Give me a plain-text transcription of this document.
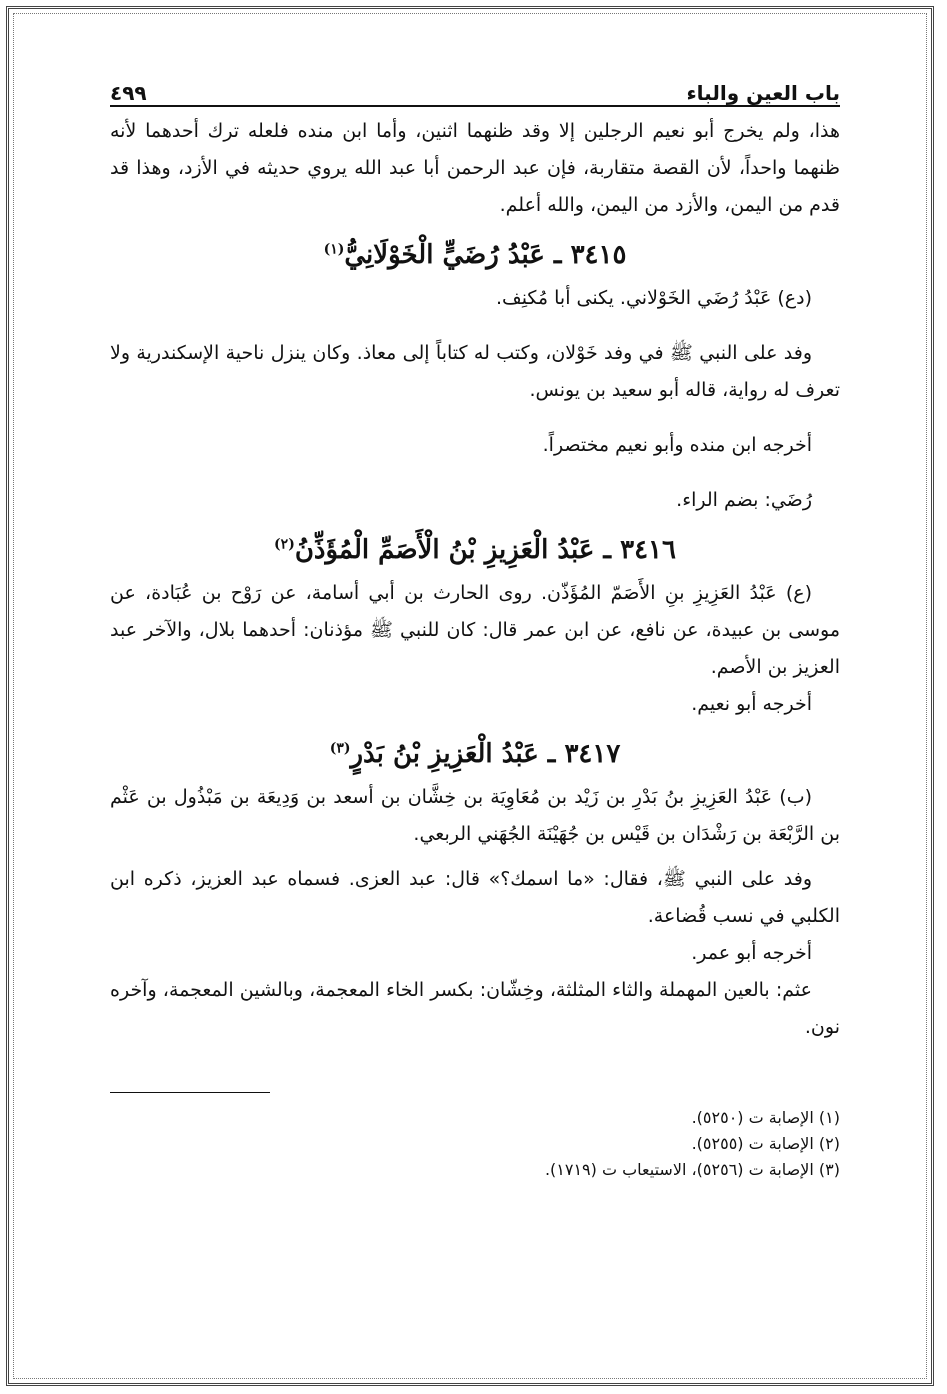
باب العين والباء
٤٩٩

هذا، ولم يخرج أبو نعيم الرجلين إلا وقد ظنهما اثنين، وأما ابن منده فلعله ترك أحدهما لأنه ظنهما واحداً، لأن القصة متقاربة، فإن عبد الرحمن أبا عبد الله يروي حديثه في الأزد، وهذا قد قدم من اليمن، والأزد من اليمن، والله أعلم.

٣٤١٥ ـ عَبْدُ رُضَيٍّ الْخَوْلَانِيُّ$^{(١)}$

(دع) عَبْدُ رُضَي الخَوْلاني. يكنى أبا مُكنِف.

وفد على النبي ﷺ في وفد خَوْلان، وكتب له كتاباً إلى معاذ. وكان ينزل ناحية الإسكندرية ولا تعرف له رواية، قاله أبو سعيد بن يونس.

أخرجه ابن منده وأبو نعيم مختصراً.

رُضَي: بضم الراء.

٣٤١٦ ـ عَبْدُ الْعَزِيزِ بْنُ الْأَصَمِّ الْمُؤَذِّنُ$^{(٢)}$

(ع) عَبْدُ العَزِيزِ بنِ الأَصَمّ المُؤَذّن. روى الحارث بن أبي أسامة، عن رَوْح بن عُبَادة، عن موسى بن عبيدة، عن نافع، عن ابن عمر قال: كان للنبي ﷺ مؤذنان: أحدهما بلال، والآخر عبد العزيز بن الأصم.

أخرجه أبو نعيم.

٣٤١٧ ـ عَبْدُ الْعَزِيزِ بْنُ بَدْرٍ$^{(٣)}$

(ب) عَبْدُ العَزِيزِ بنُ بَدْرِ بن زَيْد بن مُعَاوِيَة بن خِشَّان بن أسعد بن وَدِيعَة بن مَبْذُول بن عَثْم بن الرَّبْعَة بن رَشْدَان بن قَيْس بن جُهَيْنَة الجُهَني الربعي.

وفد على النبي ﷺ، فقال: «ما اسمك؟» قال: عبد العزى. فسماه عبد العزيز، ذكره ابن الكلبي في نسب قُضاعة.

أخرجه أبو عمر.

عثم: بالعين المهملة والثاء المثلثة، وخِشّان: بكسر الخاء المعجمة، وبالشين المعجمة، وآخره نون.

(١) الإصابة ت (٥٢٥٠).

(٢) الإصابة ت (٥٢٥٥).

(٣) الإصابة ت (٥٢٥٦)، الاستيعاب ت (١٧١٩).
